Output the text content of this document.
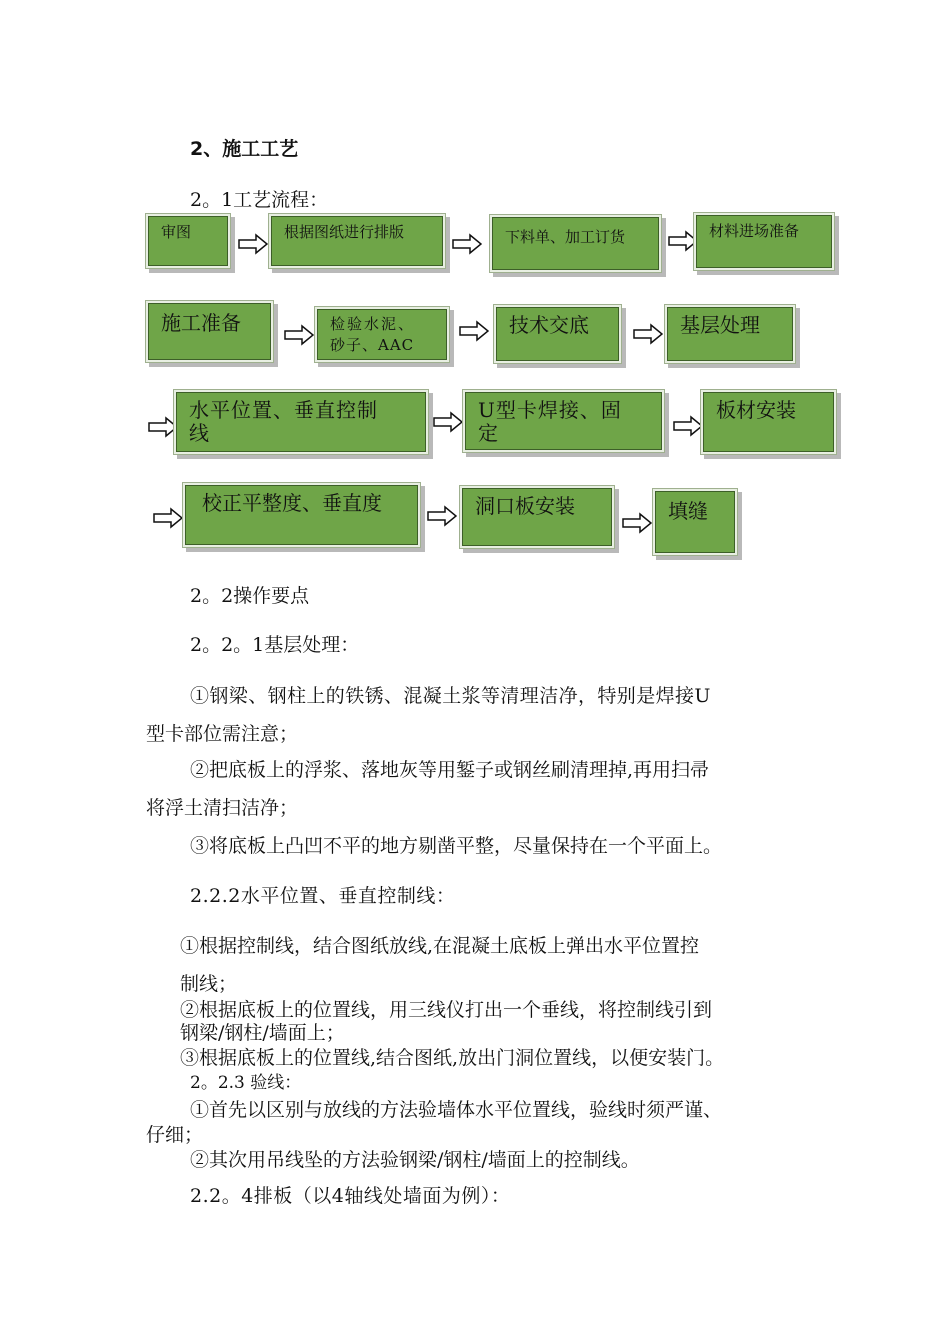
2、施工工艺
2。1工艺流程：
审图	根据图纸进行排版	下料单、加工订货	材料进场准备
施工准备	检验水泥、
砂子、AAC
技术交底	基层处理
水平位置、垂直控制
线
U型卡焊接、固
定
板材安装
校正平整度、垂直度	洞口板安装	填缝
2。2操作要点
2。2。1基层处理：
①钢梁、钢柱上的铁锈、混凝土浆等清理洁净，特别是焊接U
型卡部位需注意；
②把底板上的浮浆、落地灰等用錾子或钢丝刷清理掉,再用扫帚
将浮土清扫洁净；
③将底板上凸凹不平的地方剔凿平整，尽量保持在一个平面上。
2.2.2水平位置、垂直控制线：
①根据控制线，结合图纸放线,在混凝土底板上弹出水平位置控
制线；
②根据底板上的位置线，用三线仪打出一个垂线，将控制线引到
钢梁/钢柱/墙面上；
③根据底板上的位置线,结合图纸,放出门洞位置线，以便安装门。
2。2.3 验线：
①首先以区别与放线的方法验墙体水平位置线，验线时须严谨、
仔细；
②其次用吊线坠的方法验钢梁/钢柱/墙面上的控制线。
2.2。4排板（以4轴线处墙面为例）：
